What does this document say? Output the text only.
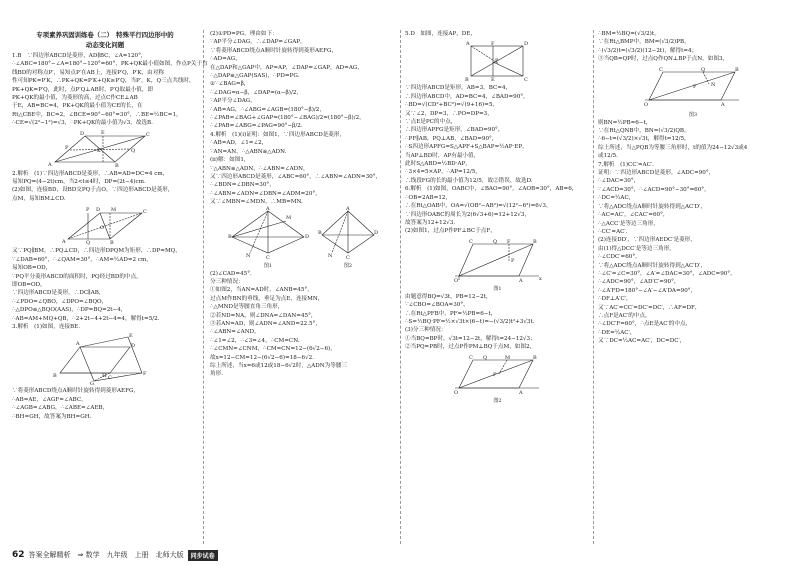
专项素养巩固训练卷（二）　特殊平行四边形中的
动态变化问题
1.B　∵四边形ABCD是菱形，AD∥BC，∠A=120°，
∴∠ABC=180°−∠A=180°−120°=60°，PK+QK最小值如图，作点P关于直
线BD的对称点P′，易知点P′在AB上，连接P′Q，P′K，由对称
性可知PK=P′K，∴PK+QK=P′K+QK≥P′Q，当P′，K，Q三点共线时，
PK+QK=P′Q，此时，点P′Q⊥AB时，P′Q取最小值，即
PK+QK的最小值，为菱形的高，过点C作CE⊥AB
于E，AB=BC=4，PK+QK的最小值为CE的长，在
Rt△CBE中，BC=2，∠BCE=90°−60°=30°，∴BE=½BC=1，
∴CE=√(2²−1²)=√3，∴PK+QK的最小值为√3，故选B.
A	B
C
D	E
Q
K
P
2.解析　(1)∵四边形ABCD是菱形，∴AB=AD=DC=4 cm，
易知PQ=(4−2t)cm，当2<t≤4时，DP=(2t−4)cm.
(2)如图，连接BD，设BD交PQ于点O，∵四边形ABCD是菱形，
点M，易知BM⊥CD.
A	B
C
D
P
Q
M
O
又∵PQ∥BM，∴PQ⊥CD，∴四边形DPQM为矩形，∴DP=MQ，
∵∠DAB=60°，∴∠QAM=30°，∴AM=½AD=2 cm，
易知OB=OD，
∵PQ平分菱形ABCD的面积时，PQ经过BD的中点，
即OB=OD，
∵四边形ABCD是菱形，∴DC∥AB，
∴∠PDO=∠QBO，∠DPO=∠BQO，
∴△DPO≌△BQO(AAS)，∴DP=BQ=2t−4，
∴AB=AM+MQ+QB，∴2+2t−4+2t−4=4，解得t=5/2.
3.解析　(1)如图，连接BE.
B	C
D
A
E
F
G
H
∵将菱形ABCD绕点A顺时针旋转得到菱形AEFG，
∴AB=AE，∠AGF=∠ABC，
∴∠AGB=∠ABG，∴∠ABE=∠AEB，
∴BH=GH，故答案为BH=GH.
(2)①PD=PG，理由如下：
∵AP平分∠DAG，∴∠DAP=∠GAP，
∵将菱形ABCD绕点A顺时针旋转得到菱形AEFG，
∴AD=AG，
在△DAP和△GAP中，AP=AP，∠DAP=∠GAP，AD=AG，
∴△DAP≌△GAP(SAS)，∴PD=PG.
②∵∠BAG=β，
∴∠DAG=α−β，∠DAP=(α−β)/2，
∵AP平分∠DAG，
∴AB=AG，∴∠ABG=∠AGB=(180°−β)/2，
∴∠PAB=∠BAG+∠GAP=(180°−∠BAG)/2=(180°−β)/2，
∴∠PAB=∠ABG=∠PAG=90°−β/2.
4.解析　(1)(i)证明：如图1，∵四边形ABCD是菱形，
∴AB=AD，∠1=∠2，
∵AN=AN，∴△ABN≌△ADN.
(ii)解：如图1，
∵△ABN≌△ADN，∴∠ABN=∠ADN，
又∵四边形ABCD是菱形，∠ABC=60°，∴∠ABN=∠ADN=30°，
∴∠BDN=∠DBN=30°，
∴∠ABN=∠ADN=∠DBN=∠ADM=20°，
又∵∠MBN=∠MDN，∴MB=MN.
A
D
C
B
M
N
图1
A
D
C
B
N
图2
(2)∠CAD=45°.
分三种情况：
①如图2，当AN=AD时，∠ANB=45°，
过点M作BN的垂线，垂足为点E，连接MN，
∴△MND是等腰直角三角形，
②若ND=NA，则∠DNA=∠DAN=45°，
③若AN=AD，则∠ADN=∠AND=22.5°，
∴∠ABN=∠AND，
∴∠1=∠2，∴∠3=∠4，∴CM=CN.
∴∠CMN=∠CNM，∴CM=CN=12−(6√2−6)，
故x=12−CM=12−(6√2−6)=18−6√2.
综上所述，当x=6或12或18−6√2时，△ADN为等腰三
角形.
5.D　如图，连接AP，DE，
A	D
B	C
P
E
F
∵四边形ABCD是矩形，AB=3，BC=4，
∴四边形ABCD中，AD=BC=4，∠BAD=90°，
∴BD=√(CD²+BC²)=√(9+16)=5，
又∵∠2，DP=3，∴PO=DP=3，
∵点E是PC的中点，
∴四边形APFG是矩形，∠BAD=90°，
∴PF∥AB，PQ⊥AB，∠BAD=90°，
∴S四边形APFG=S△APF+S△BAP=½AP·EP，
当AP⊥BD时，AP有最小值，
此时S△ABD=½BD·AP，
∴3×4=5×AP，∴AP=12/5，
∴线段FG的长的最小值为12/5，故②错误，故选D.
6.解析　(1)如图，OABC中，∠BAO=90°，∠AOB=30°，AB=6，
∴OB=2AB=12，
∴在Rt△OAB中，OA=√(OB²−AB²)=√(12²−6²)=6√3，
∵四边形OABC的周长为2(6√3+6)=12+12√3，
故答案为12+12√3.
(2)如图1，过点P作PF⊥BC于点F，
C	B
O	A
F
P
Q
x
图1
由题意得BQ=√3t，PB=12−2t，
∵∠CBO=∠BOA=30°，
∴在Rt△PFB中，PF=½PB=6−t，
∴S=½BQ·PF=½×√3t×(6−t)=−(√3/2)t²+3√3t.
(3)分三种情况：
①当BQ=BP时，√3t=12−2t，解得t=24−12√3；
②当PQ=PB时，过点P作PM⊥BQ于点M，如图2，
C	B
O	A
M
P
Q
图2
∴BM=½BQ=(√3/2)t，
∵在Rt△BMP中，BM=(√3/2)PB，
∴(√3/2)t=(√3/2)(12−2t)，解得t=4；
③当QB=QP时，过点Q作QN⊥BP于点N，如图3，
C	B
O	A
Q
N
P
图3
则BN=½PB=6−t，
∵在Rt△QNB中，BN=(√3/2)QB，
∴6−t=(√3/2)×√3t，解得t=12/5，
综上所述，当△PQB为等腰三角形时，t的值为24−12√3或4
或12/5.
7.解析　(1)CC′=AC′.
证明：∵四边形ABCD是菱形，∠ADC=90°，
∴∠DAC=30°，
∵∠ACD=30°，∴∠ACD=90°−30°=60°，
∴DC=½AC，
∵将△ADC绕点A顺时针旋转得到△AC′D′，
∴AC=AC′，∠CAC′=60°，
∴△ACC′是等边三角形，
∴CC′=AC′.
(2)连接DD′，∵四边形AEDC′是菱形，
由(1)得△DCC′是等边三角形，
∴∠CDC′=60°，
∵将△ADC绕点A顺时针旋转得到△AC′D′，
∴∠C′=∠C=30°，∠A′=∠DAC=30°，∠ADC=90°，
∴∠ADC=90°，∠AD′C′=90°，
∴∠A′FD=180°−∠A′−∠A′DA=90°，
∴DF⊥A′C′，
又∵AC′=CC′=DC′=DC′，∴AF=DF，
∴点F是AC′的中点，
∴∠DC′F=60°，∴点E是AC′的中点，
∴DE=½AC′，
又∵DC=½AC=AC′，DC=DC′，
62 答案全解精析　⇒ 数学　九年级　上册　北师大版	同步试卷
